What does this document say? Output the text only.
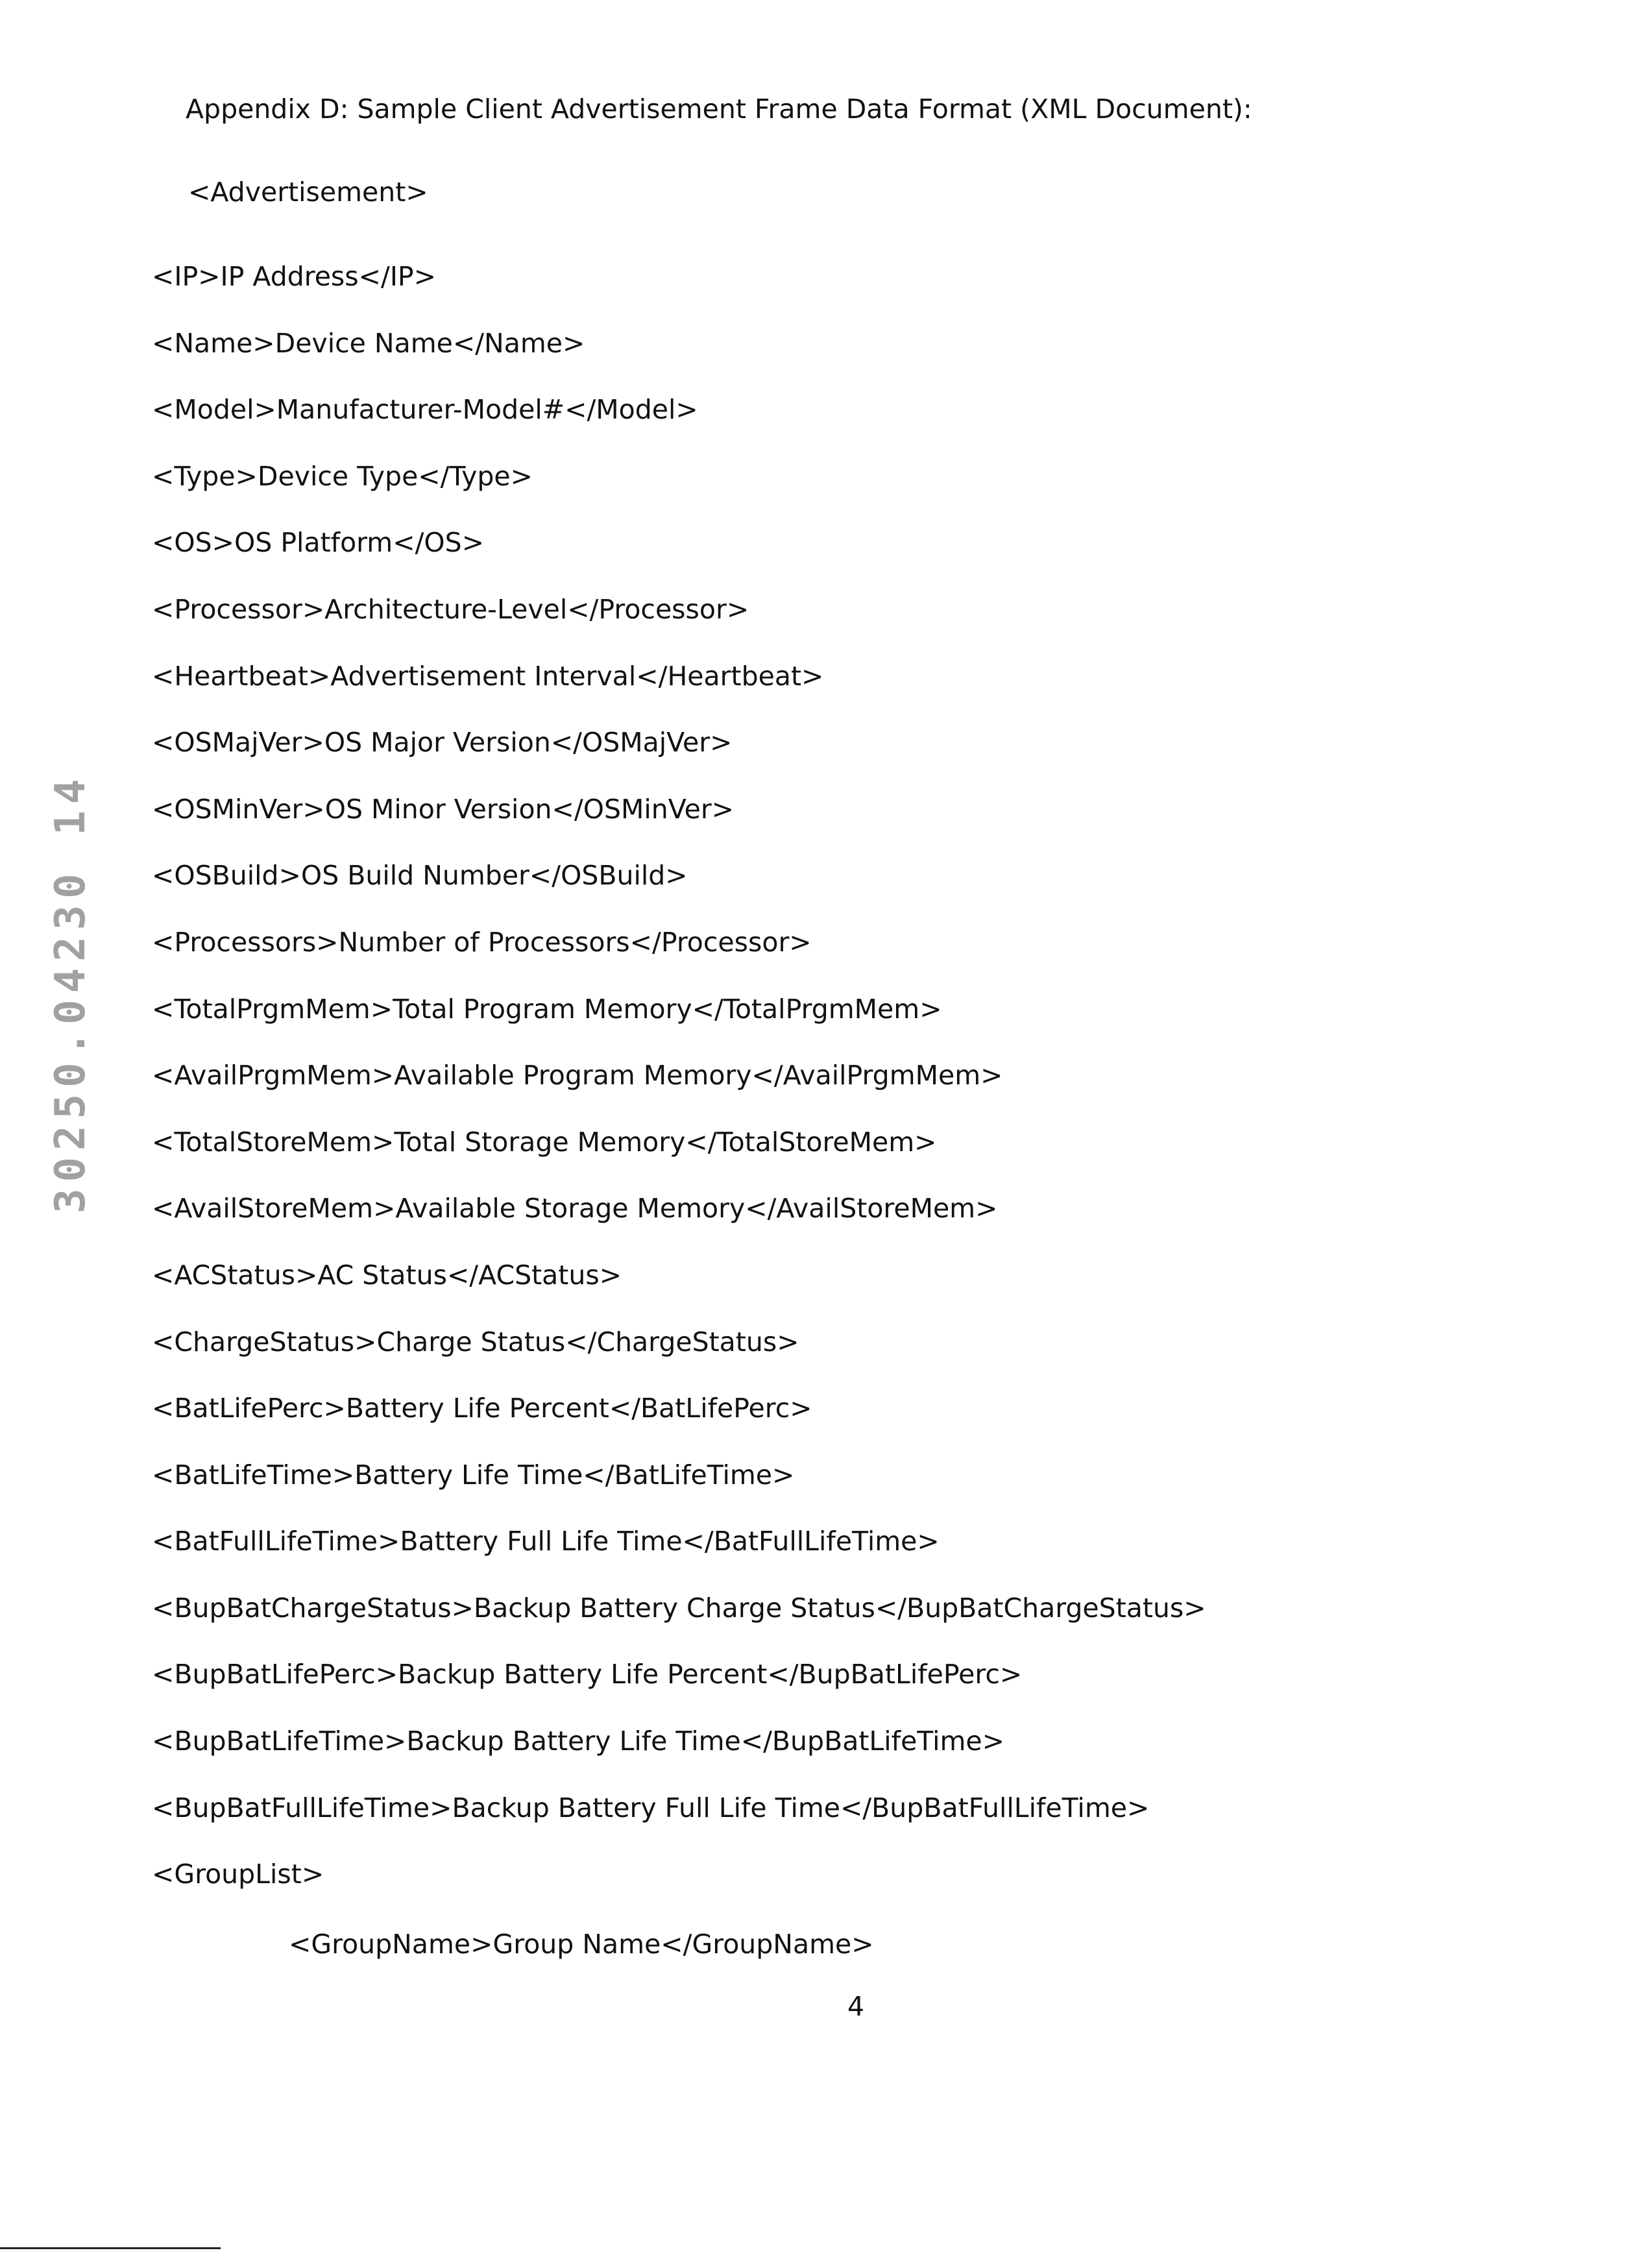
Appendix D: Sample Client Advertisement Frame Data Format (XML Document):
<Advertisement>
<IP>IP Address</IP>
<Name>Device Name</Name>
<Model>Manufacturer-Model#</Model>
<Type>Device Type</Type>
<OS>OS Platform</OS>
<Processor>Architecture-Level</Processor>
<Heartbeat>Advertisement Interval</Heartbeat>
<OSMajVer>OS Major Version</OSMajVer>
<OSMinVer>OS Minor Version</OSMinVer>
<OSBuild>OS Build Number</OSBuild>
<Processors>Number of Processors</Processor>
<TotalPrgmMem>Total Program Memory</TotalPrgmMem>
<AvailPrgmMem>Available Program Memory</AvailPrgmMem>
<TotalStoreMem>Total Storage Memory</TotalStoreMem>
<AvailStoreMem>Available Storage Memory</AvailStoreMem>
<ACStatus>AC Status</ACStatus>
<ChargeStatus>Charge Status</ChargeStatus>
<BatLifePerc>Battery Life Percent</BatLifePerc>
<BatLifeTime>Battery Life Time</BatLifeTime>
<BatFullLifeTime>Battery Full Life Time</BatFullLifeTime>
<BupBatChargeStatus>Backup Battery Charge Status</BupBatChargeStatus>
<BupBatLifePerc>Backup Battery Life Percent</BupBatLifePerc>
<BupBatLifeTime>Backup Battery Life Time</BupBatLifeTime>
<BupBatFullLifeTime>Backup Battery Full Life Time</BupBatFullLifeTime>
<GroupList>
<GroupName>Group Name</GroupName>
4
30250.04230 14
